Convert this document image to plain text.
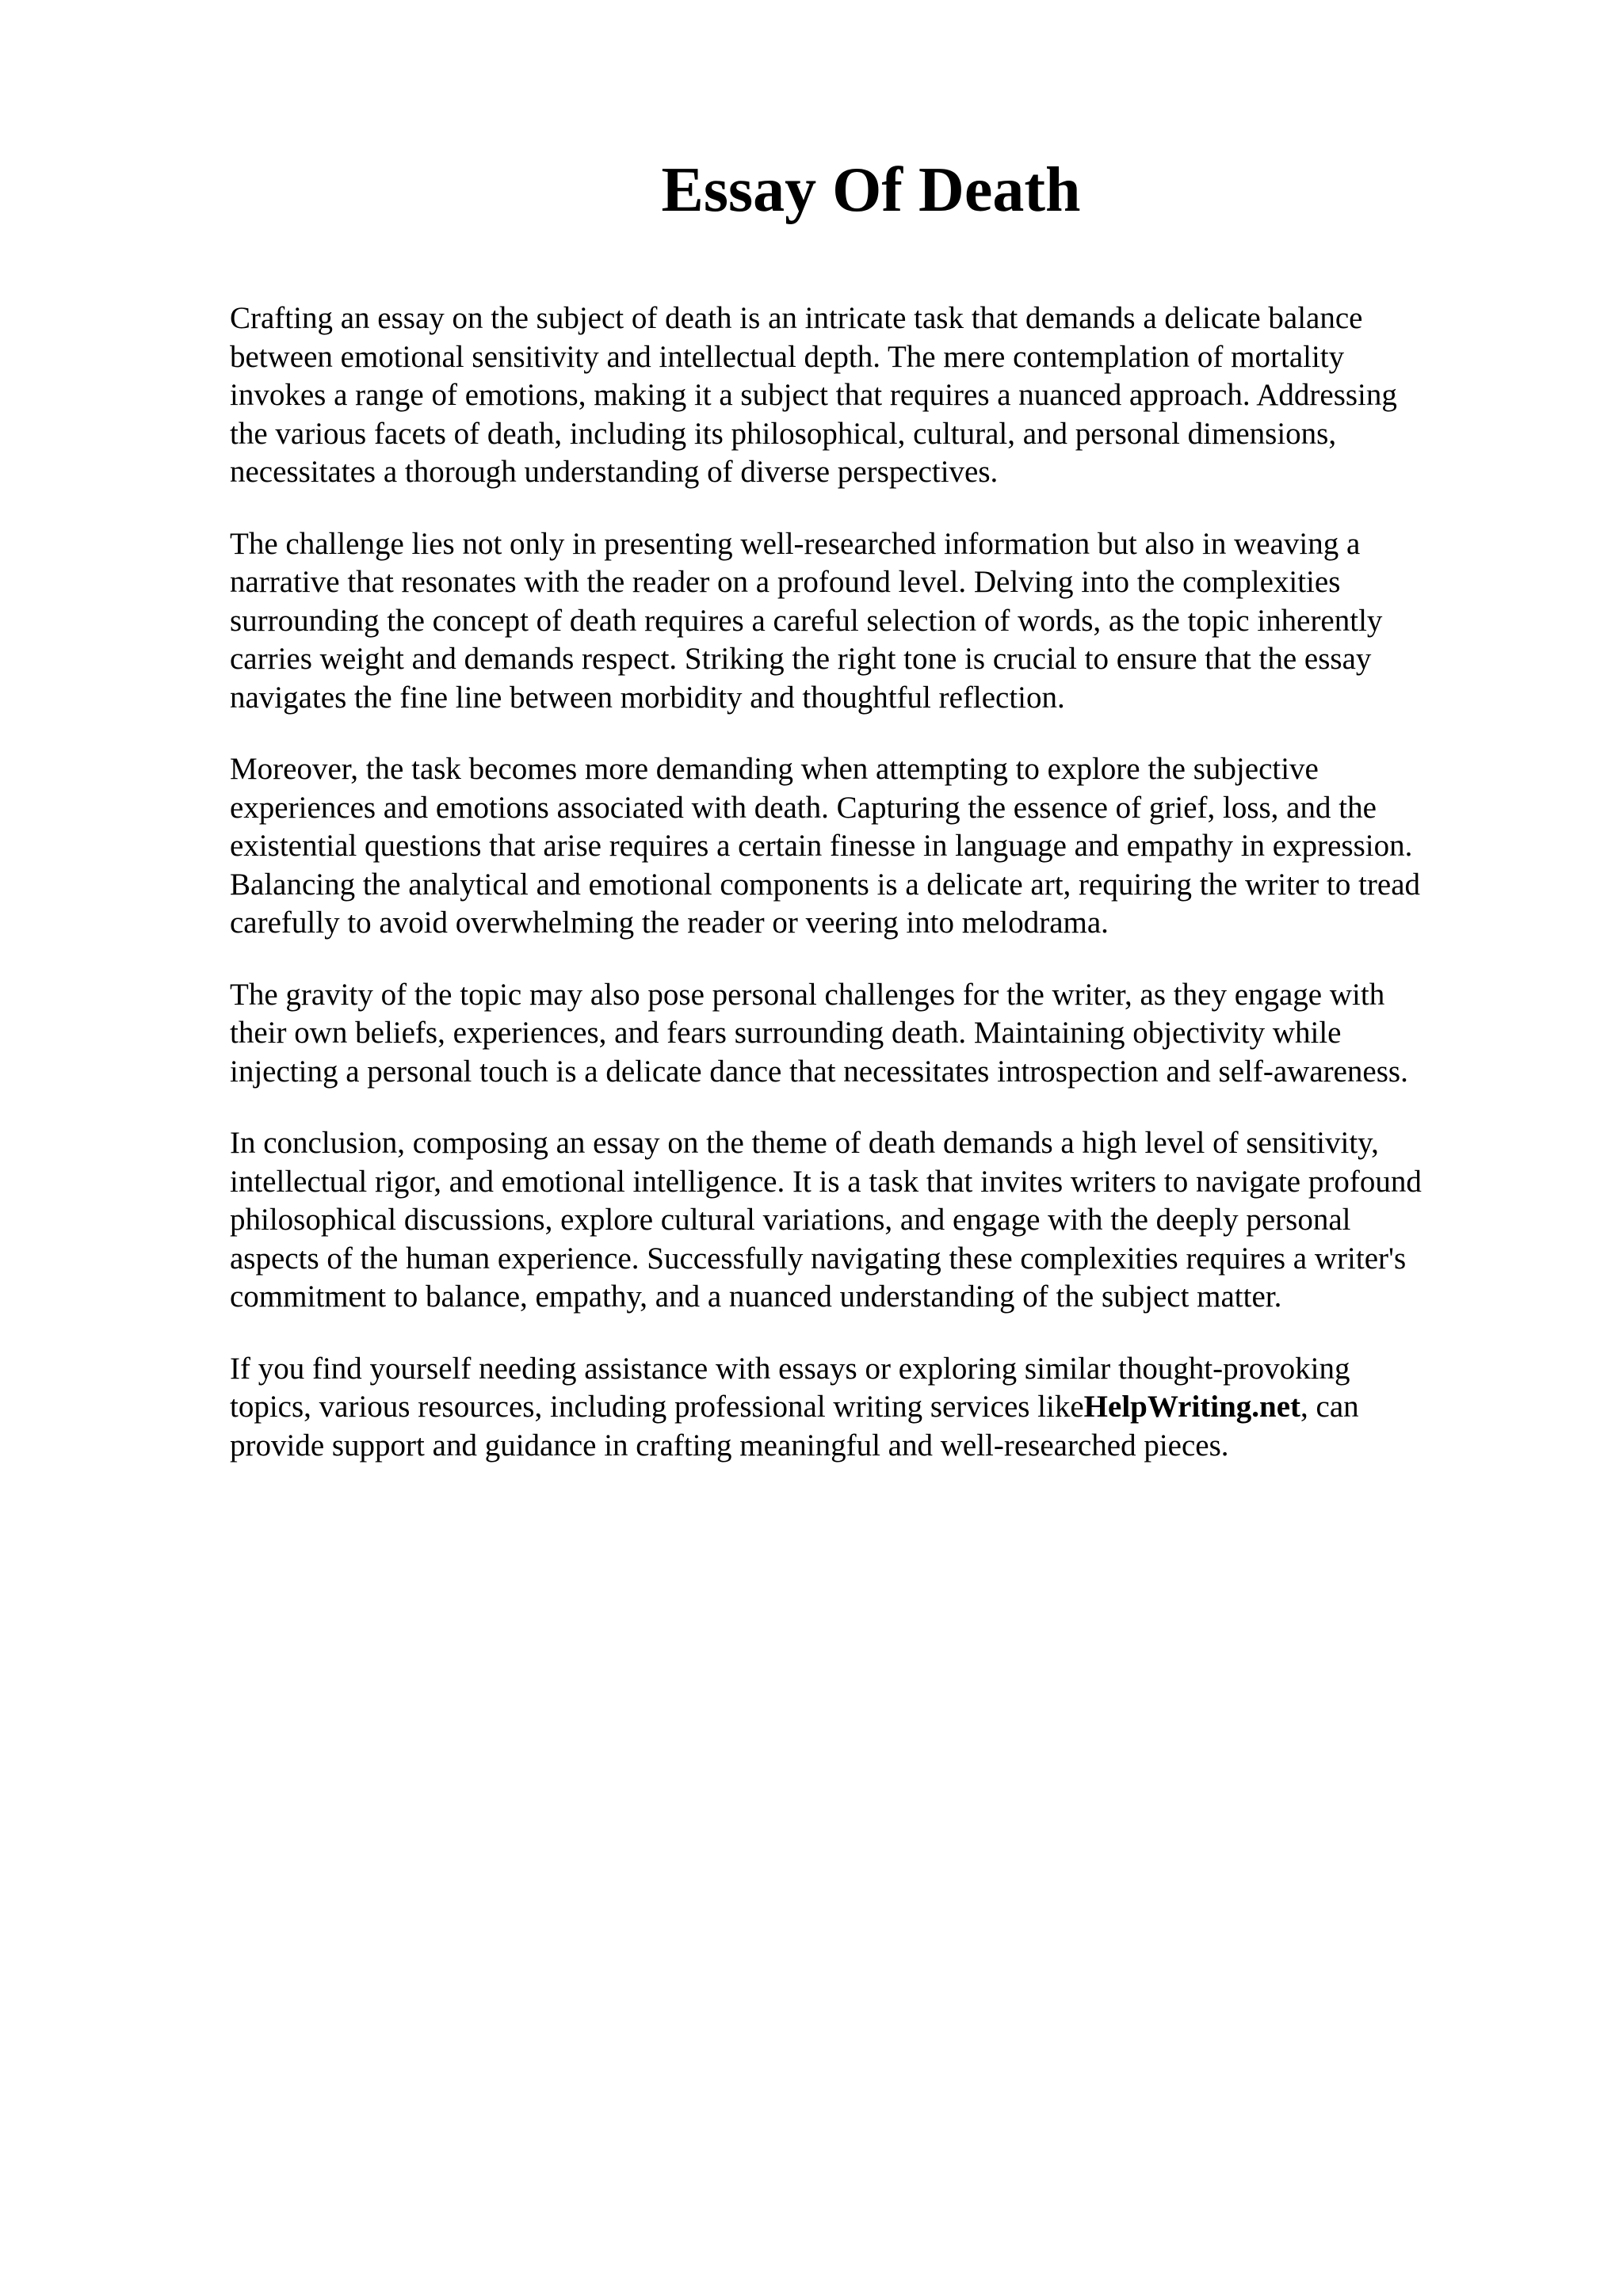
Essay Of Death

Crafting an essay on the subject of death is an intricate task that demands a delicate balance
between emotional sensitivity and intellectual depth. The mere contemplation of mortality
invokes a range of emotions, making it a subject that requires a nuanced approach. Addressing
the various facets of death, including its philosophical, cultural, and personal dimensions,
necessitates a thorough understanding of diverse perspectives.

The challenge lies not only in presenting well-researched information but also in weaving a
narrative that resonates with the reader on a profound level. Delving into the complexities
surrounding the concept of death requires a careful selection of words, as the topic inherently
carries weight and demands respect. Striking the right tone is crucial to ensure that the essay
navigates the fine line between morbidity and thoughtful reflection.

Moreover, the task becomes more demanding when attempting to explore the subjective
experiences and emotions associated with death. Capturing the essence of grief, loss, and the
existential questions that arise requires a certain finesse in language and empathy in expression.
Balancing the analytical and emotional components is a delicate art, requiring the writer to tread
carefully to avoid overwhelming the reader or veering into melodrama.

The gravity of the topic may also pose personal challenges for the writer, as they engage with
their own beliefs, experiences, and fears surrounding death. Maintaining objectivity while
injecting a personal touch is a delicate dance that necessitates introspection and self-awareness.

In conclusion, composing an essay on the theme of death demands a high level of sensitivity,
intellectual rigor, and emotional intelligence. It is a task that invites writers to navigate profound
philosophical discussions, explore cultural variations, and engage with the deeply personal
aspects of the human experience. Successfully navigating these complexities requires a writer's
commitment to balance, empathy, and a nuanced understanding of the subject matter.

If you find yourself needing assistance with essays or exploring similar thought-provoking
topics, various resources, including professional writing services likeHelpWriting.net, can
provide support and guidance in crafting meaningful and well-researched pieces.
